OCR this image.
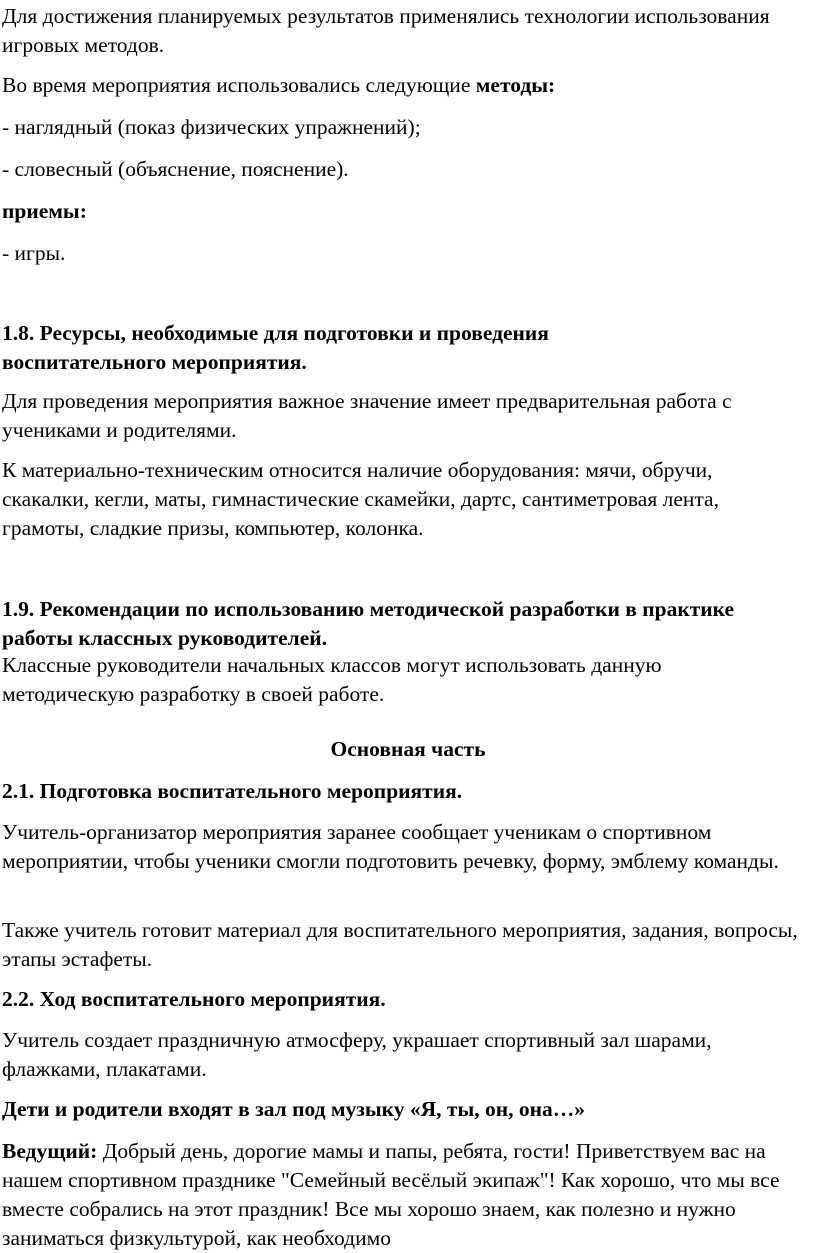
Для достижения планируемых результатов применялись технологии использования игровых методов.

Во время мероприятия использовались следующие методы:

- наглядный (показ физических упражнений);

- словесный (объяснение, пояснение).

приемы:

- игры.

1.8. Ресурсы, необходимые для подготовки и проведения воспитательного мероприятия.

Для проведения мероприятия важное значение имеет предварительная работа с учениками и родителями.

К материально-техническим относится наличие оборудования: мячи, обручи, скакалки, кегли, маты, гимнастические скамейки, дартс, сантиметровая лента, грамоты, сладкие призы, компьютер, колонка.

1.9. Рекомендации по использованию методической разработки в практике работы классных руководителей.

Классные руководители начальных классов могут использовать данную методическую разработку в своей работе.

Основная часть

2.1. Подготовка воспитательного мероприятия.

Учитель-организатор мероприятия заранее сообщает ученикам о спортивном мероприятии, чтобы ученики смогли подготовить речевку, форму, эмблему команды.

Также учитель готовит материал для воспитательного мероприятия, задания, вопросы, этапы эстафеты.

2.2. Ход воспитательного мероприятия.

Учитель создает праздничную атмосферу, украшает спортивный зал шарами, флажками, плакатами.

Дети и родители входят в зал под музыку «Я, ты, он, она…»

Ведущий: Добрый день, дорогие мамы и папы, ребята, гости! Приветствуем вас на нашем спортивном празднике "Семейный весёлый экипаж"! Как хорошо, что мы все вместе собрались на этот праздник! Все мы хорошо знаем, как полезно и нужно заниматься физкультурой, как необходимо
